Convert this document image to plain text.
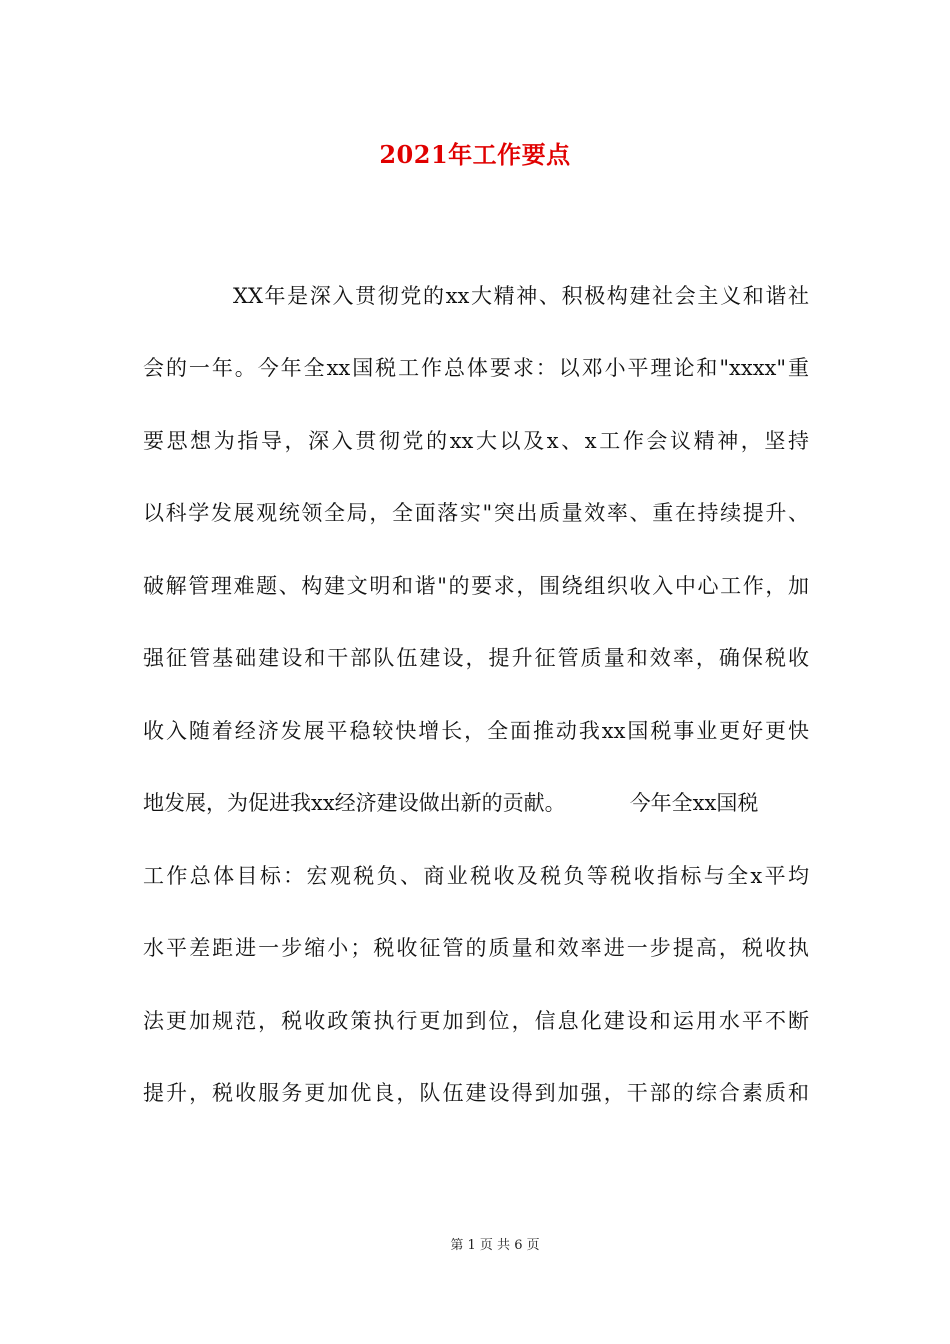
2021年工作要点
XX年是深入贯彻党的xx大精神、积极构建社会主义和谐社
会的一年。今年全xx国税工作总体要求：以邓小平理论和"xxxx"重
要思想为指导，深入贯彻党的xx大以及x、x工作会议精神，坚持
以科学发展观统领全局，全面落实"突出质量效率、重在持续提升、
破解管理难题、构建文明和谐"的要求，围绕组织收入中心工作，加
强征管基础建设和干部队伍建设，提升征管质量和效率，确保税收
收入随着经济发展平稳较快增长，全面推动我xx国税事业更好更快
地发展，为促进我xx经济建设做出新的贡献。	今年全xx国税
工作总体目标：宏观税负、商业税收及税负等税收指标与全x平均
水平差距进一步缩小；税收征管的质量和效率进一步提高，税收执
法更加规范，税收政策执行更加到位，信息化建设和运用水平不断
提升，税收服务更加优良，队伍建设得到加强，干部的综合素质和
第 1 页 共 6 页
